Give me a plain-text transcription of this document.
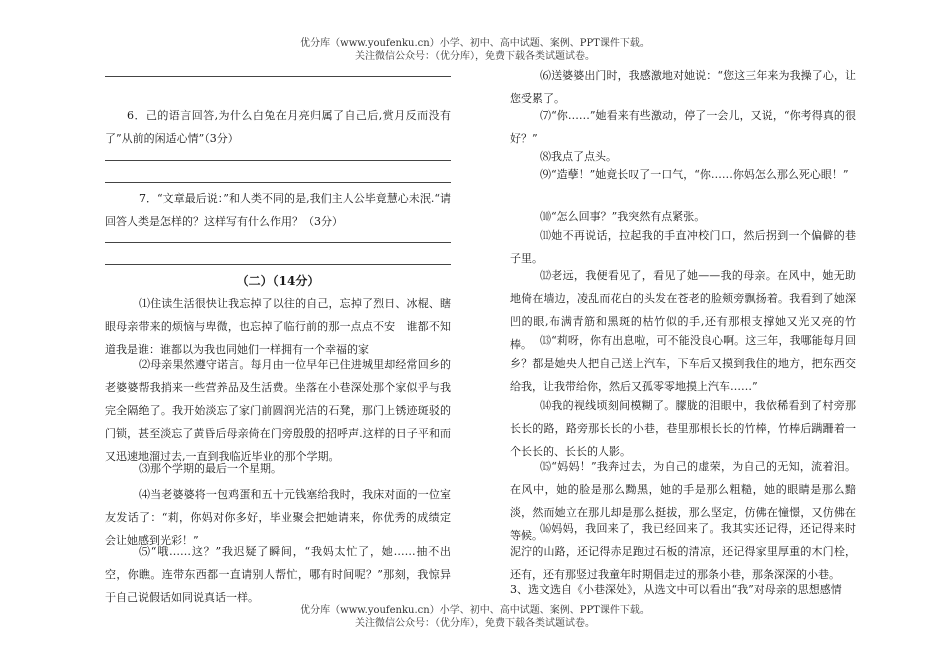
优分库（www.youfenku.cn）小学、初中、高中试题、案例、PPT课件下载。
关注微信公众号：（优分库），免费下载各类试题试卷。

6．己的语言回答,为什么白兔在月亮归属了自己后,赏月反而没有了”从前的闲适心情”（3分）

7．“文章最后说：”和人类不同的是,我们主人公毕竟慧心未泯.“请回答人类是怎样的？这样写有什么作用？（3分）

（二）（14分）

⑴住读生活很快让我忘掉了以往的自己，忘掉了烈日、冰棍、瞎眼母亲带来的烦恼与卑微，也忘掉了临行前的那一点点不安　谁都不知道我是谁：谁都以为我也同她们一样拥有一个幸福的家

⑵母亲果然遵守诺言。每月由一位早年已住进城里却经常回乡的老婆婆帮我捎来一些营养品及生活费。坐落在小巷深处那个家似乎与我完全隔绝了。我开始淡忘了家门前圆润光洁的石凳，那门上锈迹斑驳的门锁，甚至淡忘了黄昏后母亲倚在门旁殷殷的招呼声.这样的日子平和而又迅速地溜过去,一直到我临近毕业的那个学期。

⑶那个学期的最后一个星期。

⑷当老婆婆将一包鸡蛋和五十元钱塞给我时，我床对面的一位室友发话了：“莉，你妈对你多好，毕业聚会把她请来，你优秀的成绩定会让她感到光彩！”

⑸“哦……这？”我迟疑了瞬间，“我妈太忙了，她……抽不出空，你瞧。连带东西都一直请别人帮忙，哪有时间呢？”那刻，我惊异于自己说假话如同说真话一样。

⑹送婆婆出门时，我感激地对她说：“您这三年来为我操了心，让您受累了。

⑺“你……”她看来有些激动，停了一会儿，又说，“你考得真的很好？”

⑻我点了点头。

⑼“造孽！”她竟长叹了一口气，“你……你妈怎么那么死心眼！”

⑽“怎么回事？”我突然有点紧张。

⑾她不再说话，拉起我的手直冲校门口，然后拐到一个偏僻的巷子里。

⑿老远，我便看见了，看见了她——我的母亲。在风中，她无助地倚在墙边，凌乱而花白的头发在苍老的脸颊旁飘扬着。我看到了她深凹的眼,布满青筋和黑斑的枯竹似的手,还有那根支撑她又光又亮的竹棒。 ⒀“莉呀，你有出息啦，可不能没良心啊。这三年，我哪能每月回乡？都是她央人把自己送上汽车，下车后又摸到我住的地方，把东西交给我，让我带给你，然后又孤零零地摸上汽车……”

⒁我的视线顷刻间模糊了。朦胧的泪眼中，我依稀看到了村旁那长长的路，路旁那长长的小巷，巷里那根长长的竹棒，竹棒后蹒跚着一个长长的、长长的人影。

⒂“妈妈！”我奔过去，为自己的虚荣，为自己的无知，流着泪。在风中，她的脸是那么黝黑，她的手是那么粗糙，她的眼睛是那么黯淡，然而她立在那儿却是那么挺拔，那么坚定，仿佛在憧憬，又仿佛在等候。

⒃妈妈，我回来了，我已经回来了。我其实还记得，还记得来时泥泞的山路，还记得赤足跑过石板的清凉，还记得家里厚重的木门栓，还有，还有那竖过我童年时期倡走过的那条小巷，那条深深的小巷。

3、选文选自《小巷深处》，从选文中可以看出“我”对母亲的思想感情

优分库（www.youfenku.cn）小学、初中、高中试题、案例、PPT课件下载。
关注微信公众号：（优分库），免费下载各类试题试卷。
